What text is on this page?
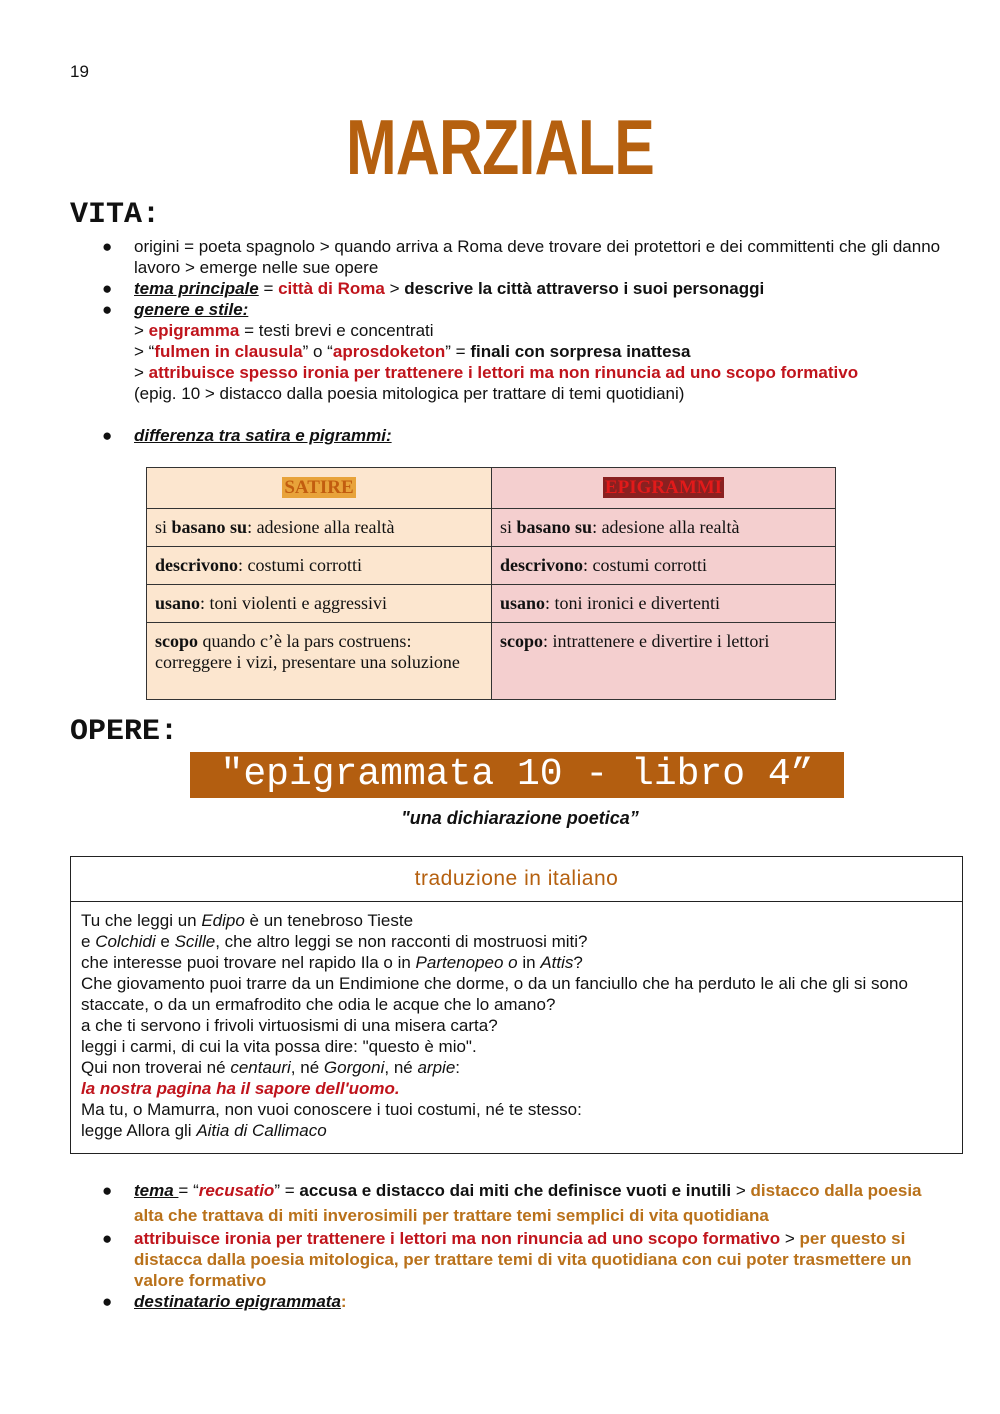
19
MARZIALE
VITA:
● origini = poeta spagnolo > quando arriva a Roma deve trovare dei protettori e dei committenti che gli danno lavoro > emerge nelle sue opere
● tema principale = città di Roma > descrive la città attraverso i suoi personaggi
● genere e stile:
> epigramma = testi brevi e concentrati
> “fulmen in clausula” o “aprosdoketon” = finali con sorpresa inattesa
> attribuisce spesso ironia per trattenere i lettori ma non rinuncia ad uno scopo formativo
(epig. 10 > distacco dalla poesia mitologica per trattare di temi quotidiani)
● differenza tra satira e pigrammi:
SATIRE	EPIGRAMMI
si basano su: adesione alla realtà	si basano su: adesione alla realtà
descrivono: costumi corrotti	descrivono: costumi corrotti
usano: toni violenti e aggressivi	usano: toni ironici e divertenti
scopo quando c’è la pars costruens: correggere i vizi, presentare una soluzione	scopo: intrattenere e divertire i lettori
OPERE:
"epigrammata 10 - libro 4”
"una dichiarazione poetica”
traduzione in italiano
Tu che leggi un Edipo è un tenebroso Tieste
e Colchidi e Scille, che altro leggi se non racconti di mostruosi miti?
che interesse puoi trovare nel rapido Ila o in Partenopeo o in Attis?
Che giovamento puoi trarre da un Endimione che dorme, o da un fanciullo che ha perduto le ali che gli si sono staccate, o da un ermafrodito che odia le acque che lo amano?
a che ti servono i frivoli virtuosismi di una misera carta?
leggi i carmi, di cui la vita possa dire: "questo è mio".
Qui non troverai né centauri, né Gorgoni, né arpie:
la nostra pagina ha il sapore dell'uomo.
Ma tu, o Mamurra, non vuoi conoscere i tuoi costumi, né te stesso:
legge Allora gli Aitia di Callimaco
● tema = “recusatio” = accusa e distacco dai miti che definisce vuoti e inutili > distacco dalla poesia alta che trattava di miti inverosimili per trattare temi semplici di vita quotidiana
● attribuisce ironia per trattenere i lettori ma non rinuncia ad uno scopo formativo > per questo si distacca dalla poesia mitologica, per trattare temi di vita quotidiana con cui poter trasmettere un valore formativo
● destinatario epigrammata:
